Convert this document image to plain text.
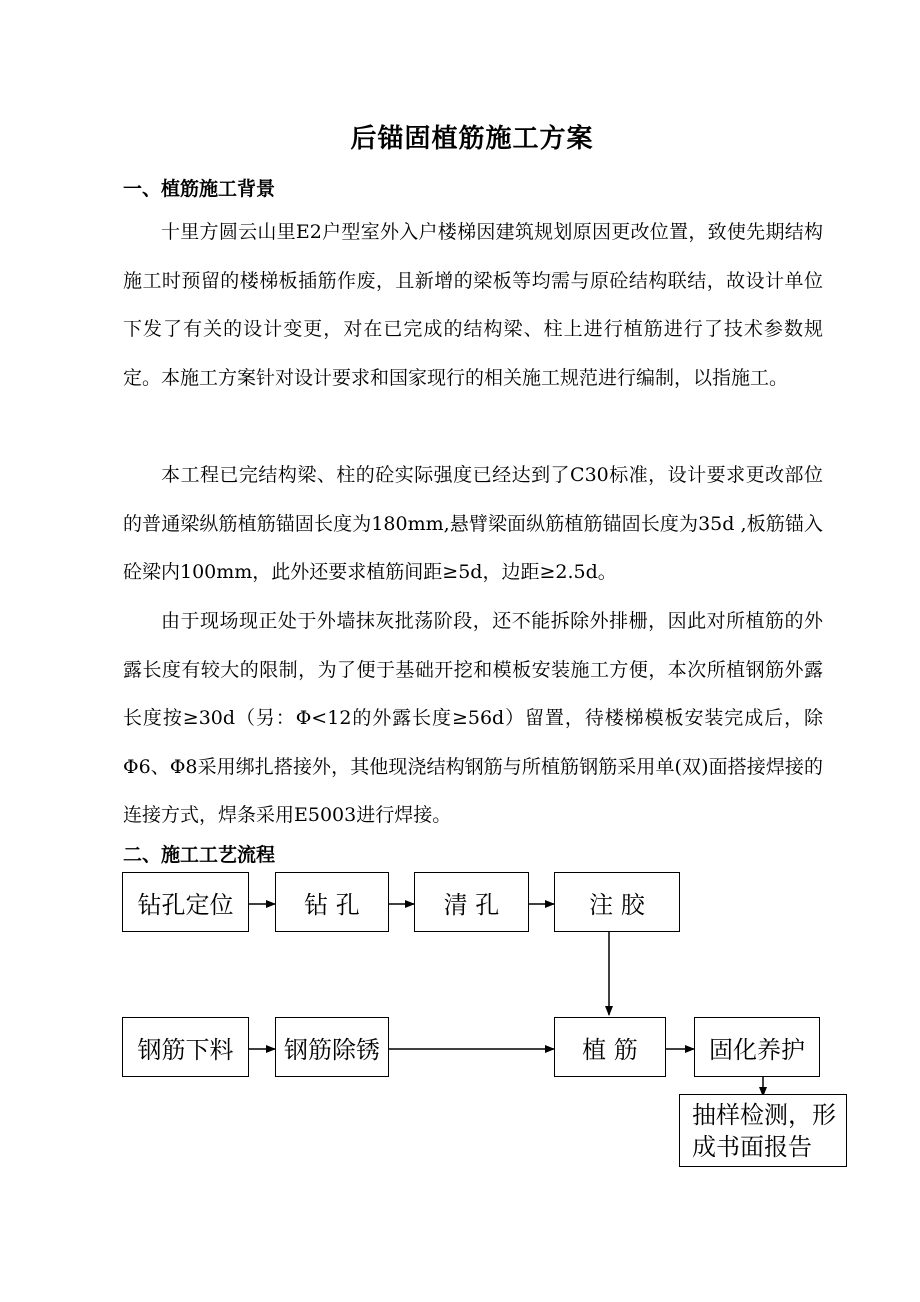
后锚固植筋施工方案
一、植筋施工背景
十里方圆云山里E2户型室外入户楼梯因建筑规划原因更改位置，致使先期结构施工时预留的楼梯板插筋作废，且新增的梁板等均需与原砼结构联结，故设计单位下发了有关的设计变更，对在已完成的结构梁、柱上进行植筋进行了技术参数规定。本施工方案针对设计要求和国家现行的相关施工规范进行编制，以指施工。
本工程已完结构梁、柱的砼实际强度已经达到了C30标准，设计要求更改部位的普通梁纵筋植筋锚固长度为180mm,悬臂梁面纵筋植筋锚固长度为35d ,板筋锚入砼梁内100mm，此外还要求植筋间距≥5d，边距≥2.5d。
由于现场现正处于外墙抹灰批荡阶段，还不能拆除外排栅，因此对所植筋的外露长度有较大的限制，为了便于基础开挖和模板安装施工方便，本次所植钢筋外露长度按≥30d（另：Φ<12的外露长度≥56d）留置，待楼梯模板安装完成后，除Φ6、Φ8采用绑扎搭接外，其他现浇结构钢筋与所植筋钢筋采用单(双)面搭接焊接的连接方式，焊条采用E5003进行焊接。
二、施工工艺流程
钻孔定位	钻 孔	清 孔	注 胶
钢筋下料	钢筋除锈	植 筋	固化养护
抽样检测，形成书面报告
